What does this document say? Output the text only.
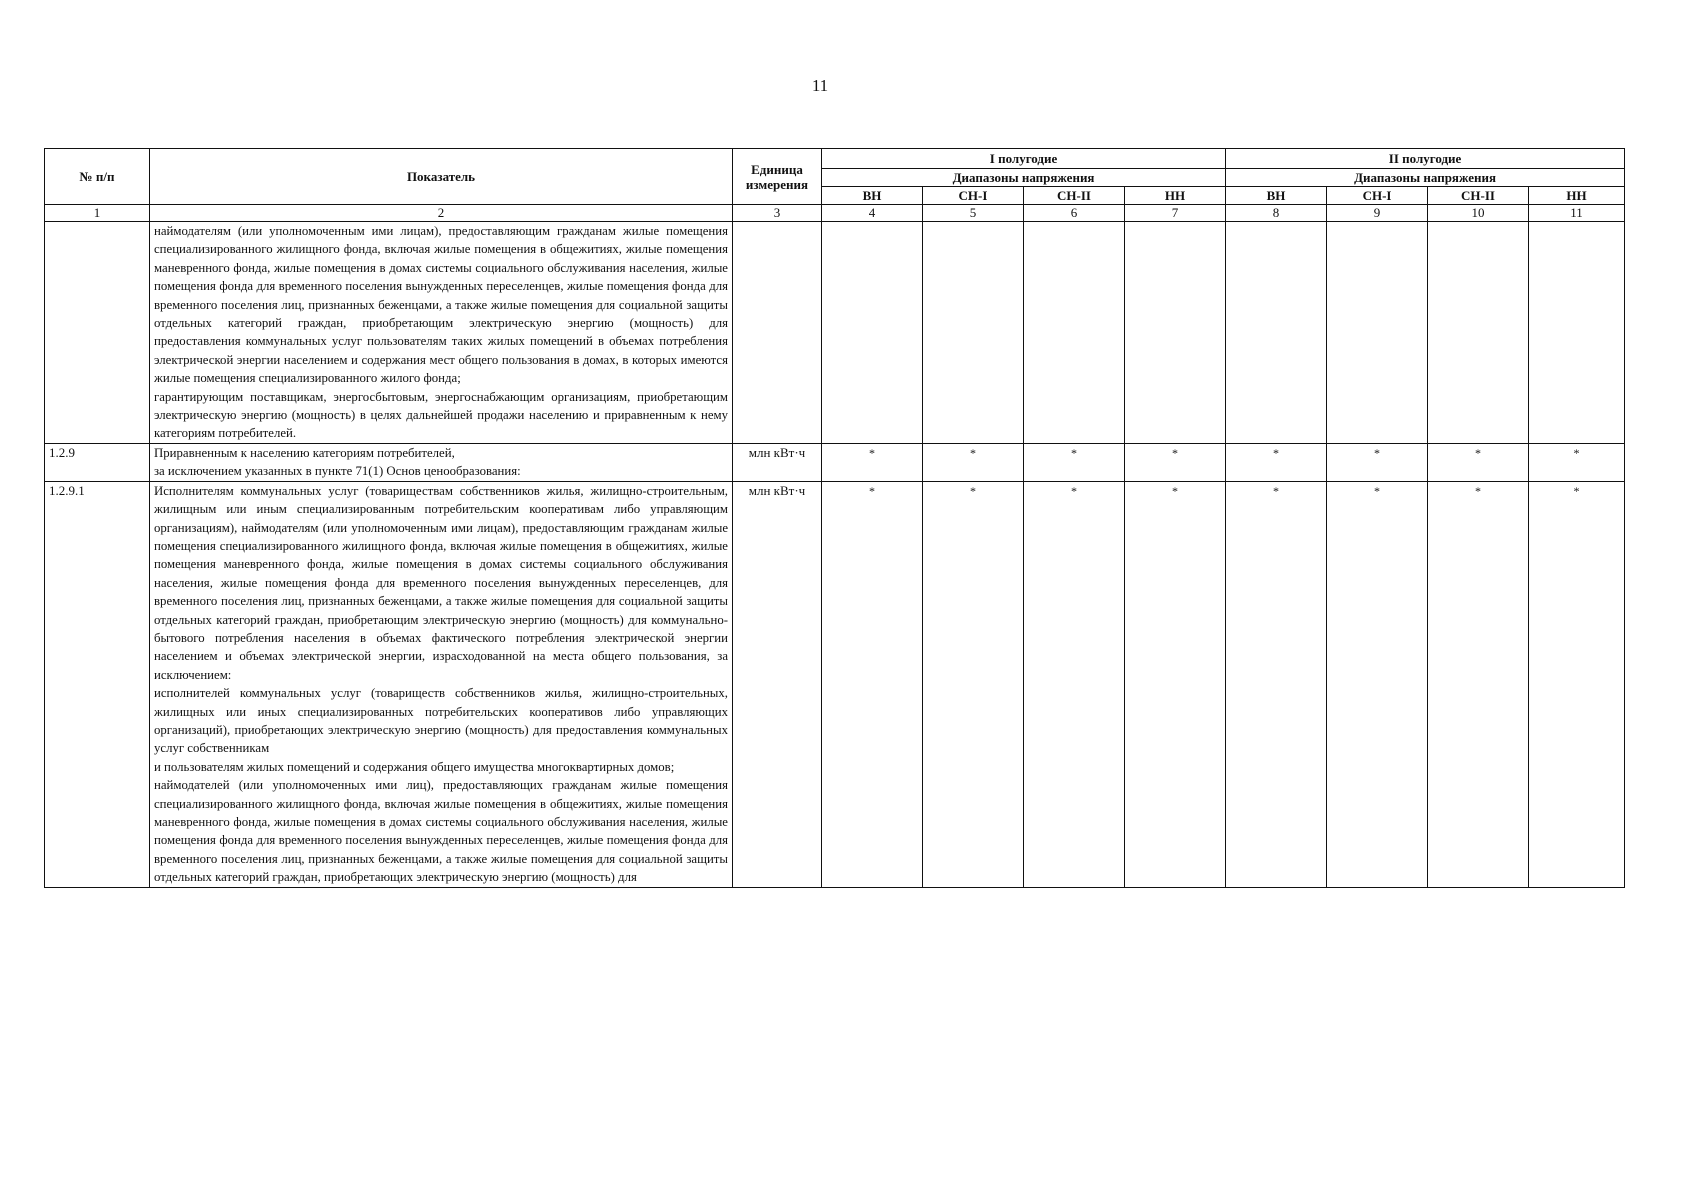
11
№ п/п	Показатель	Единица измерения	I полугодие				II полугодие			
			Диапазоны напряжения				Диапазоны напряжения			
			ВН	СН-I	СН-II	НН	ВН	СН-I	СН-II	НН
1	2	3	4	5	6	7	8	9	10	11

	наймодателям (или уполномоченным ими лицам), предоставляющим гражданам жилые помещения специализированного жилищного фонда, включая жилые помещения в общежитиях, жилые помещения маневренного фонда, жилые помещения в домах системы социального обслуживания населения, жилые помещения фонда для временного поселения вынужденных переселенцев, жилые помещения фонда для временного поселения лиц, признанных беженцами, а также жилые помещения для социальной защиты отдельных категорий граждан, приобретающим электрическую энергию (мощность) для предоставления коммунальных услуг пользователям таких жилых помещений в объемах потребления электрической энергии населением и содержания мест общего пользования в домах, в которых имеются жилые помещения специализированного жилого фонда;

гарантирующим поставщикам, энергосбытовым, энергоснабжающим организациям, приобретающим электрическую энергию (мощность) в целях дальнейшей продажи населению и приравненным к нему категориям потребителей.									

1.2.9	Приравненным к населению категориям потребителей,

за исключением указанных в пункте 71(1) Основ ценообразования:	млн кВт·ч	*	*	*	*	*	*	*	*
1.2.9.1	Исполнителям коммунальных услуг (товариществам собственников жилья, жилищно-строительным, жилищным или иным специализированным потребительским кооперативам либо управляющим организациям), наймодателям (или уполномоченным ими лицам), предоставляющим гражданам жилые помещения специализированного жилищного фонда, включая жилые помещения в общежитиях, жилые помещения маневренного фонда, жилые помещения в домах системы социального обслуживания населения, жилые помещения фонда для временного поселения вынужденных переселенцев, для временного поселения лиц, признанных беженцами, а также жилые помещения для социальной защиты отдельных категорий граждан, приобретающим электрическую энергию (мощность) для коммунально-бытового потребления населения в объемах фактического потребления электрической энергии населением и объемах электрической энергии, израсходованной на места общего пользования, за исключением:

исполнителей коммунальных услуг (товариществ собственников жилья, жилищно-строительных, жилищных или иных специализированных потребительских кооперативов либо управляющих организаций), приобретающих электрическую энергию (мощность) для предоставления коммунальных услуг собственникам

и пользователям жилых помещений и содержания общего имущества многоквартирных домов;

наймодателей (или уполномоченных ими лиц), предоставляющих гражданам жилые помещения специализированного жилищного фонда, включая жилые помещения в общежитиях, жилые помещения маневренного фонда, жилые помещения в домах системы социального обслуживания населения, жилые помещения фонда для временного поселения вынужденных переселенцев, жилые помещения фонда для временного поселения лиц, признанных беженцами, а также жилые помещения для социальной защиты отдельных категорий граждан, приобретающих электрическую энергию (мощность) для	млн кВт·ч	*	*	*	*	*	*	*	*
